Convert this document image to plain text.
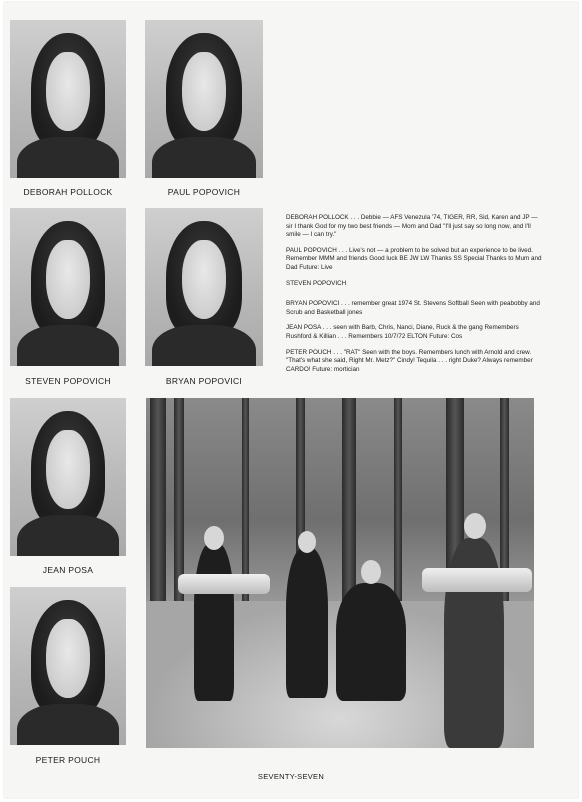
DEBORAH POLLOCK	PAUL POPOVICH
STEVEN POPOVICH	BRYAN POPOVICI

DEBORAH POLLOCK . . . Debbie — AFS Venezula '74, TIGER, RR, Sid, Karen and JP — sir I thank God for my two best friends — Mom and Dad "I'll just say so long now, and I'll smile — I can try."

PAUL POPOVICH . . . Live's not — a problem to be solved but an experience to be lived. Remember MMM and friends Good luck BE JW LW Thanks SS Special Thanks to Mum and Dad Future: Live

STEVEN POPOVICH

BRYAN POPOVICI . . . remember great 1974 St. Stevens Softball Seen with peabobby and Scrub and Basketball jones

JEAN POSA . . . seen with Barb, Chris, Nanci, Diane, Ruck & the gang Remembers Rushford & Killian . . . Remembers 10/7/72 ELTON Future: Cos

PETER POUCH . . . "RAT" Seen with the boys. Remembers lunch with Arnold and crew. "That's what she said, Right Mr. Metz?" Cindy! Tequila . . . right Duke? Always remember CARDO! Future: mortician

JEAN POSA
PETER POUCH
SEVENTY-SEVEN
